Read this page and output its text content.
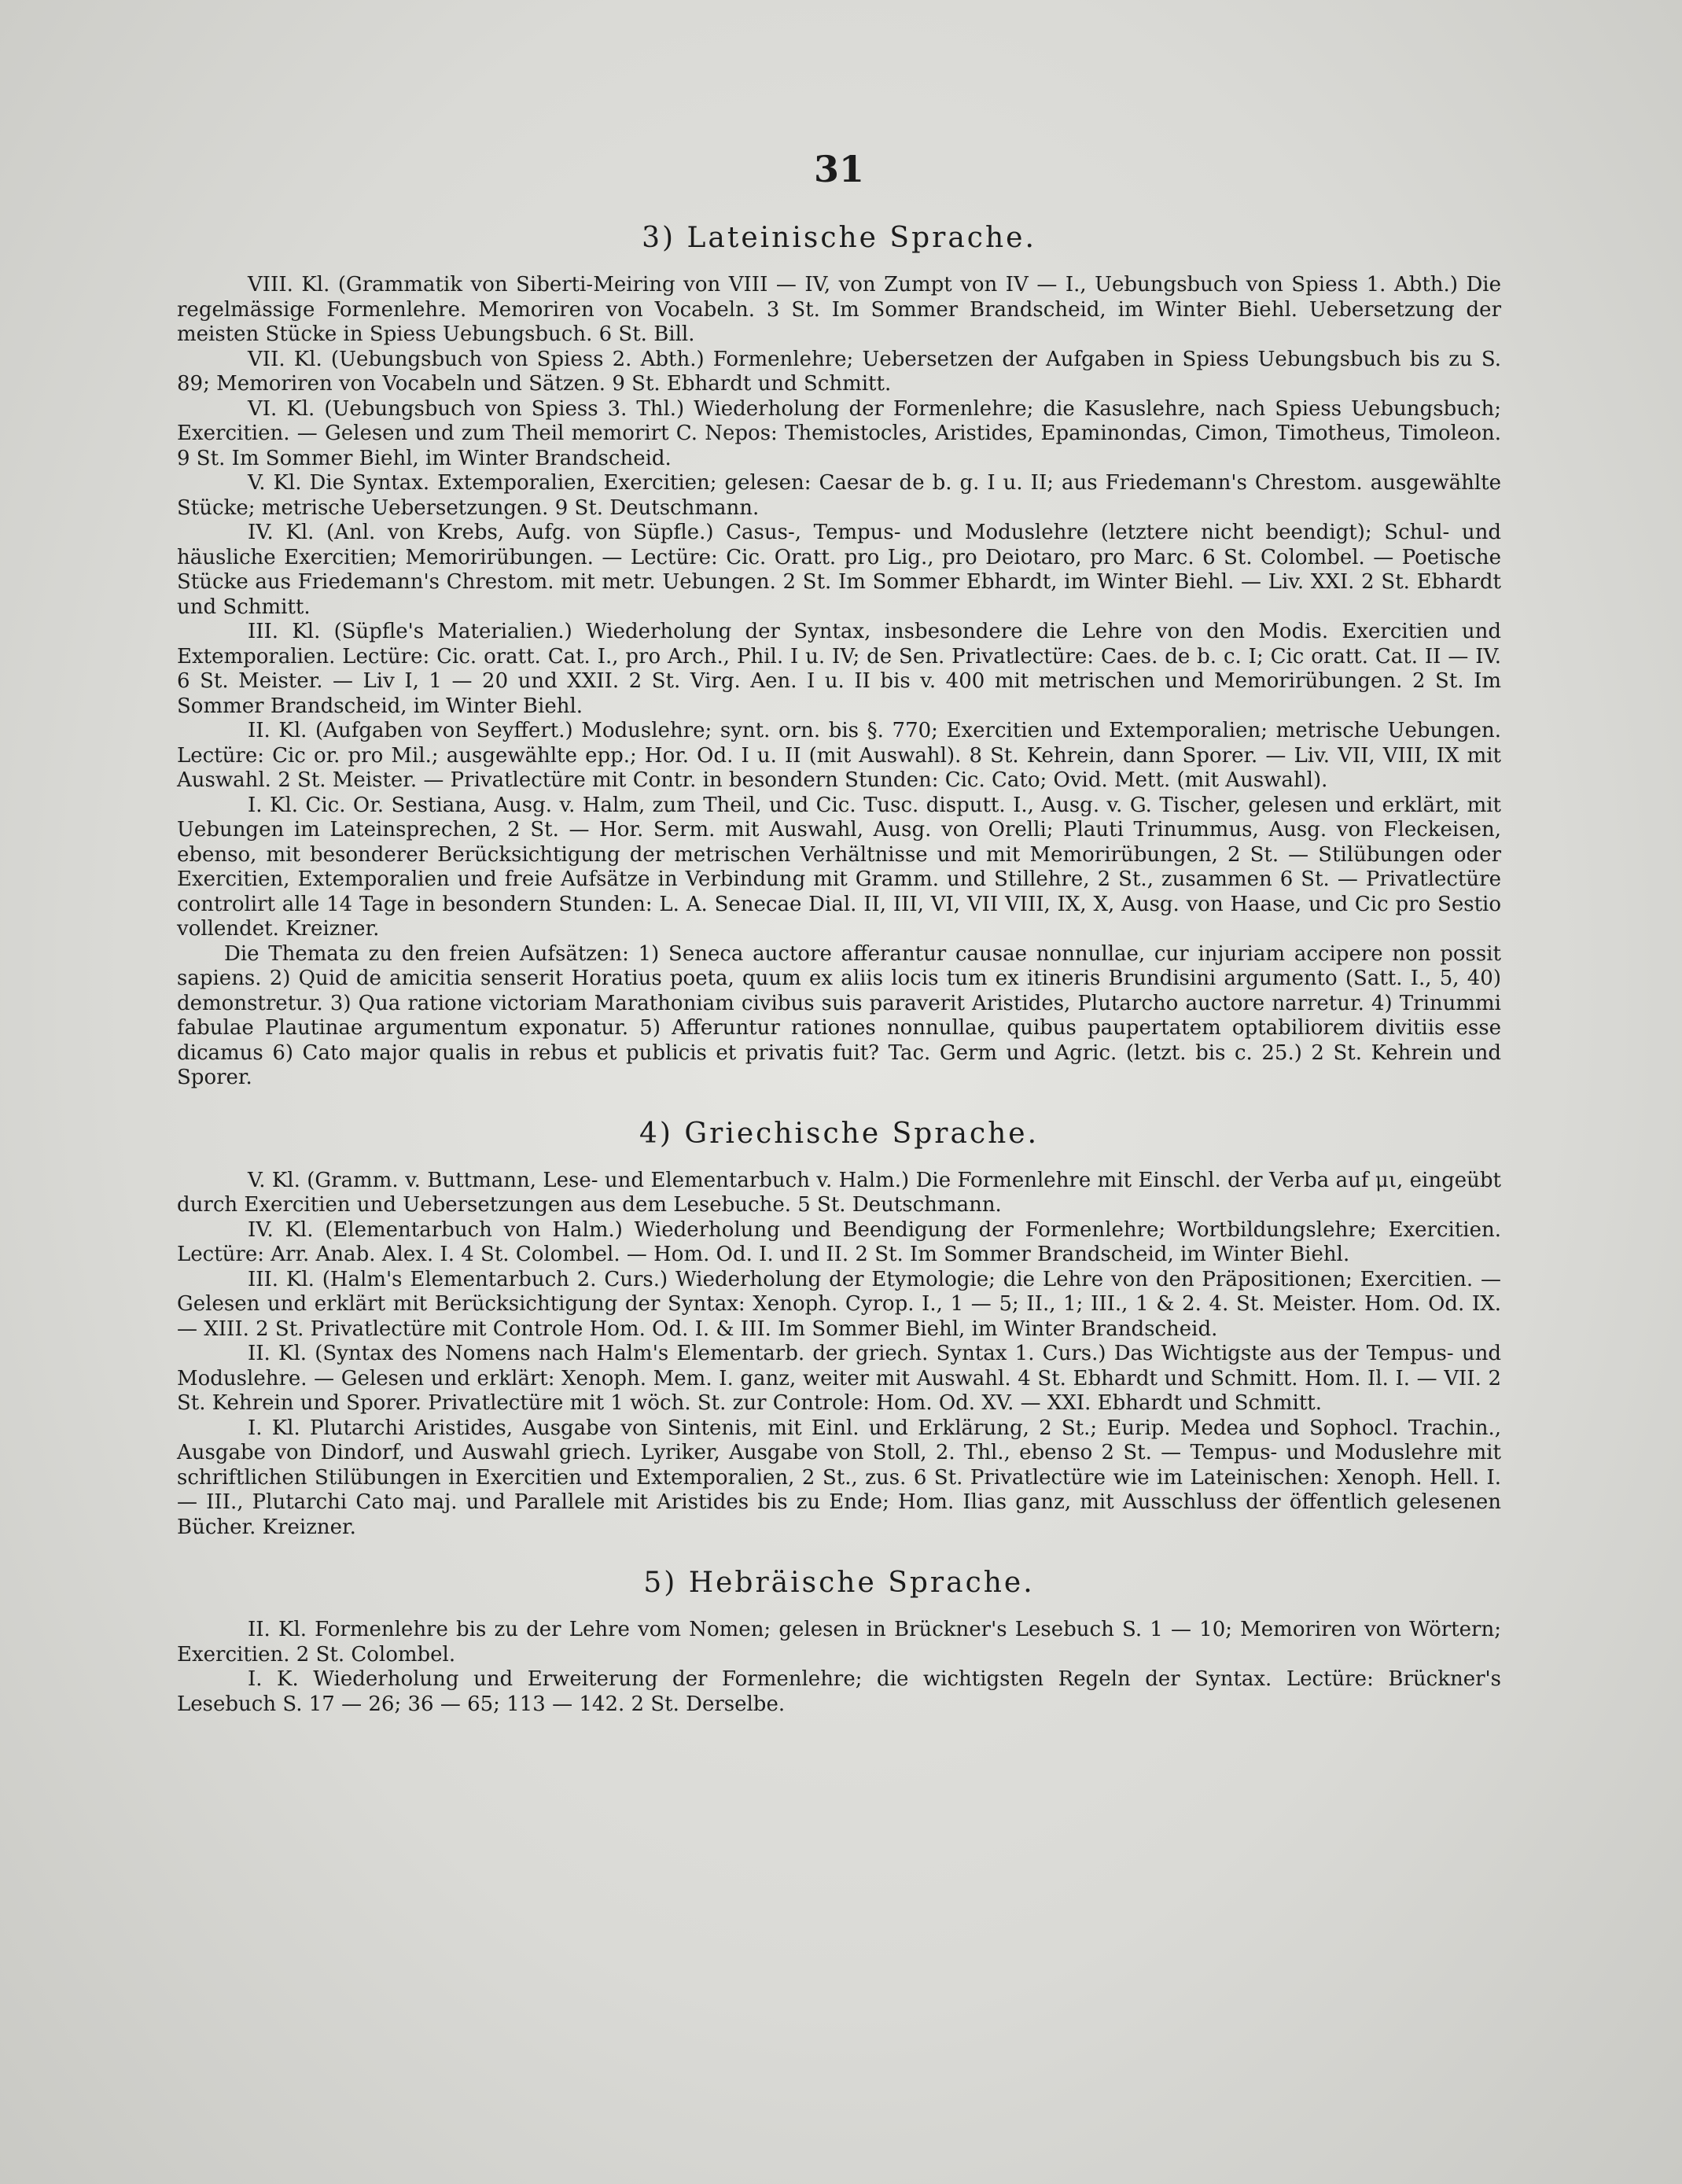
31
3) Lateinische Sprache.

VIII. Kl. (Grammatik von Siberti-Meiring von VIII — IV, von Zumpt von IV — I., Uebungsbuch von Spiess 1. Abth.) Die regelmässige Formenlehre. Memoriren von Vocabeln. 3 St. Im Sommer Brandscheid, im Winter Biehl. Uebersetzung der meisten Stücke in Spiess Uebungsbuch. 6 St. Bill.

VII. Kl. (Uebungsbuch von Spiess 2. Abth.) Formenlehre; Uebersetzen der Aufgaben in Spiess Uebungsbuch bis zu S. 89; Memoriren von Vocabeln und Sätzen. 9 St. Ebhardt und Schmitt.

VI. Kl. (Uebungsbuch von Spiess 3. Thl.) Wiederholung der Formenlehre; die Kasuslehre, nach Spiess Uebungsbuch; Exercitien. — Gelesen und zum Theil memorirt C. Nepos: Themistocles, Aristides, Epaminondas, Cimon, Timotheus, Timoleon. 9 St. Im Sommer Biehl, im Winter Brandscheid.

V. Kl. Die Syntax. Extemporalien, Exercitien; gelesen: Caesar de b. g. I u. II; aus Friedemann's Chrestom. ausgewählte Stücke; metrische Uebersetzungen. 9 St. Deutschmann.

IV. Kl. (Anl. von Krebs, Aufg. von Süpfle.) Casus-, Tempus- und Moduslehre (letztere nicht beendigt); Schul- und häusliche Exercitien; Memorirübungen. — Lectüre: Cic. Oratt. pro Lig., pro Deiotaro, pro Marc. 6 St. Colombel. — Poetische Stücke aus Friedemann's Chrestom. mit metr. Uebungen. 2 St. Im Sommer Ebhardt, im Winter Biehl. — Liv. XXI. 2 St. Ebhardt und Schmitt.

III. Kl. (Süpfle's Materialien.) Wiederholung der Syntax, insbesondere die Lehre von den Modis. Exercitien und Extemporalien. Lectüre: Cic. oratt. Cat. I., pro Arch., Phil. I u. IV; de Sen. Privatlectüre: Caes. de b. c. I; Cic oratt. Cat. II — IV. 6 St. Meister. — Liv I, 1 — 20 und XXII. 2 St. Virg. Aen. I u. II bis v. 400 mit metrischen und Memorirübungen. 2 St. Im Sommer Brandscheid, im Winter Biehl.

II. Kl. (Aufgaben von Seyffert.) Moduslehre; synt. orn. bis §. 770; Exercitien und Extemporalien; metrische Uebungen. Lectüre: Cic or. pro Mil.; ausgewählte epp.; Hor. Od. I u. II (mit Auswahl). 8 St. Kehrein, dann Sporer. — Liv. VII, VIII, IX mit Auswahl. 2 St. Meister. — Privatlectüre mit Contr. in besondern Stunden: Cic. Cato; Ovid. Mett. (mit Auswahl).

I. Kl. Cic. Or. Sestiana, Ausg. v. Halm, zum Theil, und Cic. Tusc. disputt. I., Ausg. v. G. Tischer, gelesen und erklärt, mit Uebungen im Lateinsprechen, 2 St. — Hor. Serm. mit Auswahl, Ausg. von Orelli; Plauti Trinummus, Ausg. von Fleckeisen, ebenso, mit besonderer Berücksichtigung der metrischen Verhältnisse und mit Memorirübungen, 2 St. — Stilübungen oder Exercitien, Extemporalien und freie Aufsätze in Verbindung mit Gramm. und Stillehre, 2 St., zusammen 6 St. — Privatlectüre controlirt alle 14 Tage in besondern Stunden: L. A. Senecae Dial. II, III, VI, VII VIII, IX, X, Ausg. von Haase, und Cic pro Sestio vollendet. Kreizner.

Die Themata zu den freien Aufsätzen: 1) Seneca auctore afferantur causae nonnullae, cur injuriam accipere non possit sapiens. 2) Quid de amicitia senserit Horatius poeta, quum ex aliis locis tum ex itineris Brundisini argumento (Satt. I., 5, 40) demonstretur. 3) Qua ratione victoriam Marathoniam civibus suis paraverit Aristides, Plutarcho auctore narretur. 4) Trinummi fabulae Plautinae argumentum exponatur. 5) Afferuntur rationes nonnullae, quibus paupertatem optabiliorem divitiis esse dicamus 6) Cato major qualis in rebus et publicis et privatis fuit? Tac. Germ und Agric. (letzt. bis c. 25.) 2 St. Kehrein und Sporer.

4) Griechische Sprache.

V. Kl. (Gramm. v. Buttmann, Lese- und Elementarbuch v. Halm.) Die Formenlehre mit Einschl. der Verba auf μι, eingeübt durch Exercitien und Uebersetzungen aus dem Lesebuche. 5 St. Deutschmann.

IV. Kl. (Elementarbuch von Halm.) Wiederholung und Beendigung der Formenlehre; Wortbildungslehre; Exercitien. Lectüre: Arr. Anab. Alex. I. 4 St. Colombel. — Hom. Od. I. und II. 2 St. Im Sommer Brandscheid, im Winter Biehl.

III. Kl. (Halm's Elementarbuch 2. Curs.) Wiederholung der Etymologie; die Lehre von den Präpositionen; Exercitien. — Gelesen und erklärt mit Berücksichtigung der Syntax: Xenoph. Cyrop. I., 1 — 5; II., 1; III., 1 & 2. 4. St. Meister. Hom. Od. IX. — XIII. 2 St. Privatlectüre mit Controle Hom. Od. I. & III. Im Sommer Biehl, im Winter Brandscheid.

II. Kl. (Syntax des Nomens nach Halm's Elementarb. der griech. Syntax 1. Curs.) Das Wichtigste aus der Tempus- und Moduslehre. — Gelesen und erklärt: Xenoph. Mem. I. ganz, weiter mit Auswahl. 4 St. Ebhardt und Schmitt. Hom. Il. I. — VII. 2 St. Kehrein und Sporer. Privatlectüre mit 1 wöch. St. zur Controle: Hom. Od. XV. — XXI. Ebhardt und Schmitt.

I. Kl. Plutarchi Aristides, Ausgabe von Sintenis, mit Einl. und Erklärung, 2 St.; Eurip. Medea und Sophocl. Trachin., Ausgabe von Dindorf, und Auswahl griech. Lyriker, Ausgabe von Stoll, 2. Thl., ebenso 2 St. — Tempus- und Moduslehre mit schriftlichen Stilübungen in Exercitien und Extemporalien, 2 St., zus. 6 St. Privatlectüre wie im Lateinischen: Xenoph. Hell. I. — III., Plutarchi Cato maj. und Parallele mit Aristides bis zu Ende; Hom. Ilias ganz, mit Ausschluss der öffentlich gelesenen Bücher. Kreizner.

5) Hebräische Sprache.

II. Kl. Formenlehre bis zu der Lehre vom Nomen; gelesen in Brückner's Lesebuch S. 1 — 10; Memoriren von Wörtern; Exercitien. 2 St. Colombel.

I. K. Wiederholung und Erweiterung der Formenlehre; die wichtigsten Regeln der Syntax. Lectüre: Brückner's Lesebuch S. 17 — 26; 36 — 65; 113 — 142. 2 St. Derselbe.
